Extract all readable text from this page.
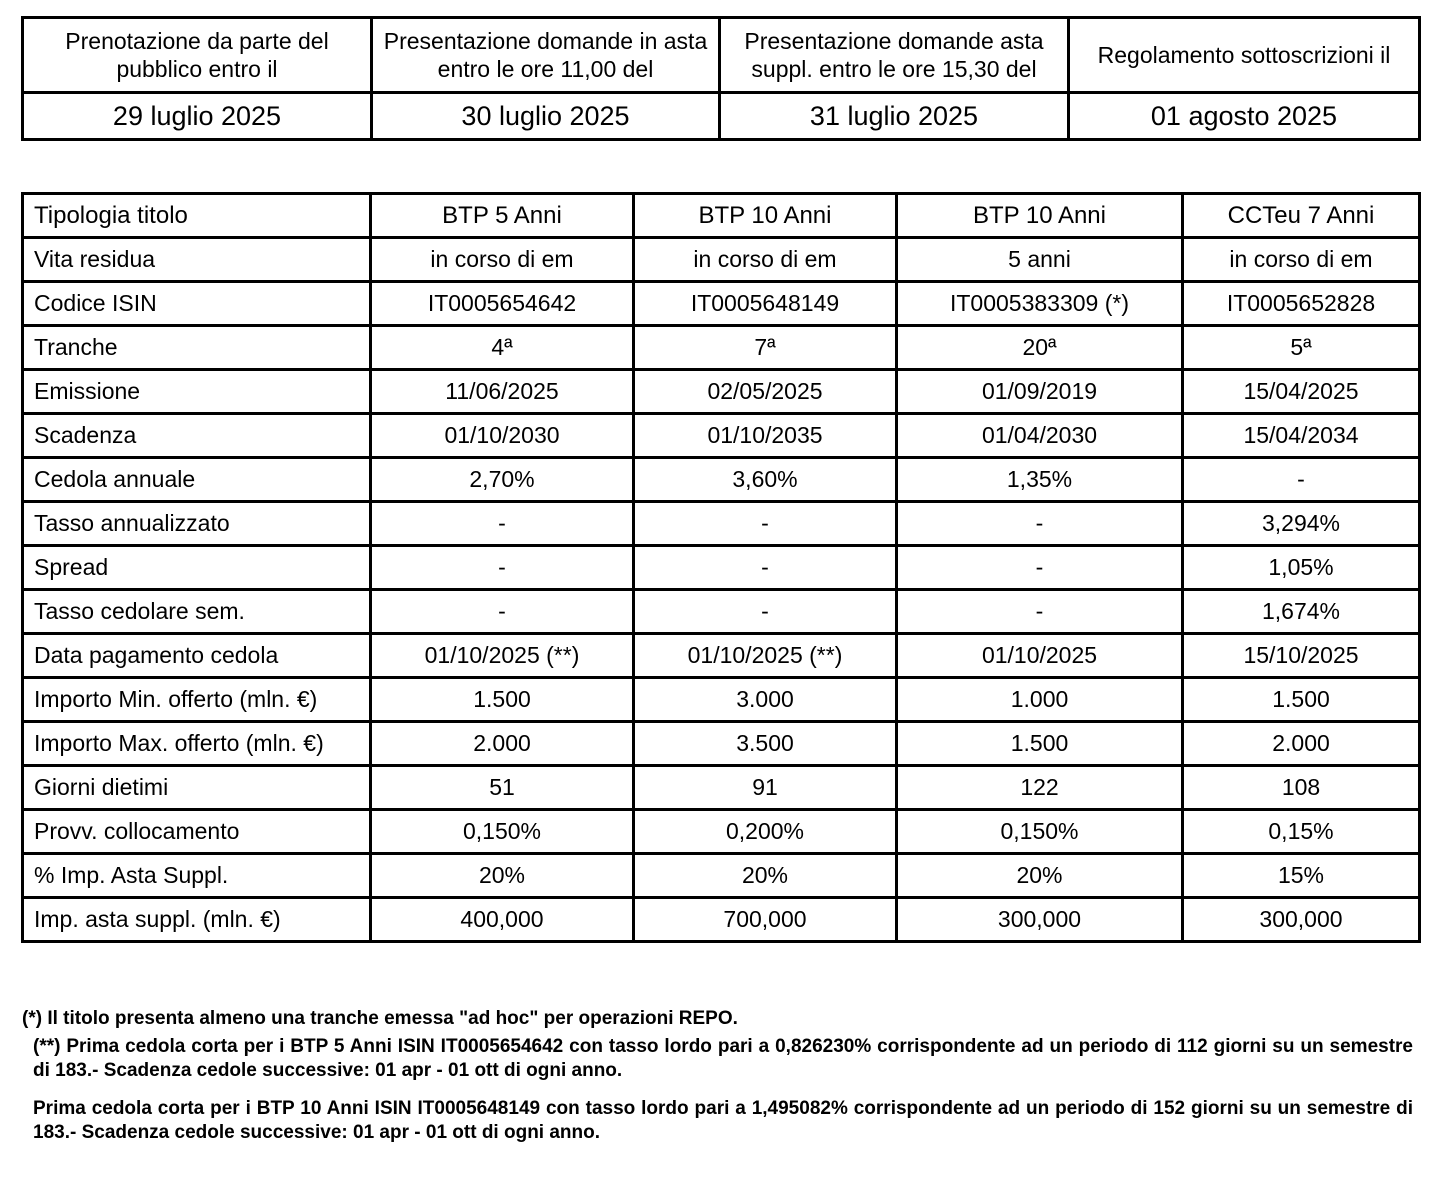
Prenotazione da parte del pubblico entro il	Presentazione domande in asta entro le ore 11,00 del	Presentazione domande asta suppl. entro le ore 15,30 del	Regolamento sottoscrizioni il
29 luglio 2025	30 luglio 2025	31 luglio 2025	01 agosto 2025
Tipologia titolo	BTP 5 Anni	BTP 10 Anni	BTP 10 Anni	CCTeu 7 Anni
Vita residua	in corso di em	in corso di em	5 anni	in corso di em
Codice ISIN	IT0005654642	IT0005648149	IT0005383309 (*)	IT0005652828
Tranche	4ª	7ª	20ª	5ª
Emissione	11/06/2025	02/05/2025	01/09/2019	15/04/2025
Scadenza	01/10/2030	01/10/2035	01/04/2030	15/04/2034
Cedola annuale	2,70%	3,60%	1,35%	-
Tasso annualizzato	-	-	-	3,294%
Spread	-	-	-	1,05%
Tasso cedolare sem.	-	-	-	1,674%
Data pagamento cedola	01/10/2025 (**)	01/10/2025 (**)	01/10/2025	15/10/2025
Importo Min. offerto (mln. €)	1.500	3.000	1.000	1.500
Importo Max. offerto (mln. €)	2.000	3.500	1.500	2.000
Giorni dietimi	51	91	122	108
Provv. collocamento	0,150%	0,200%	0,150%	0,15%
% Imp. Asta Suppl.	20%	20%	20%	15%
Imp. asta suppl. (mln. €)	400,000	700,000	300,000	300,000

(*) Il titolo presenta almeno una tranche emessa "ad hoc" per operazioni REPO.

(**) Prima cedola corta per i BTP 5 Anni ISIN IT0005654642 con tasso lordo pari a 0,826230% corrispondente ad un periodo di 112 giorni su un semestre di 183.- Scadenza cedole successive: 01 apr - 01 ott di ogni anno.

Prima cedola corta per i BTP 10 Anni ISIN IT0005648149 con tasso lordo pari a 1,495082% corrispondente ad un periodo di 152 giorni su un semestre di 183.- Scadenza cedole successive: 01 apr - 01 ott di ogni anno.
